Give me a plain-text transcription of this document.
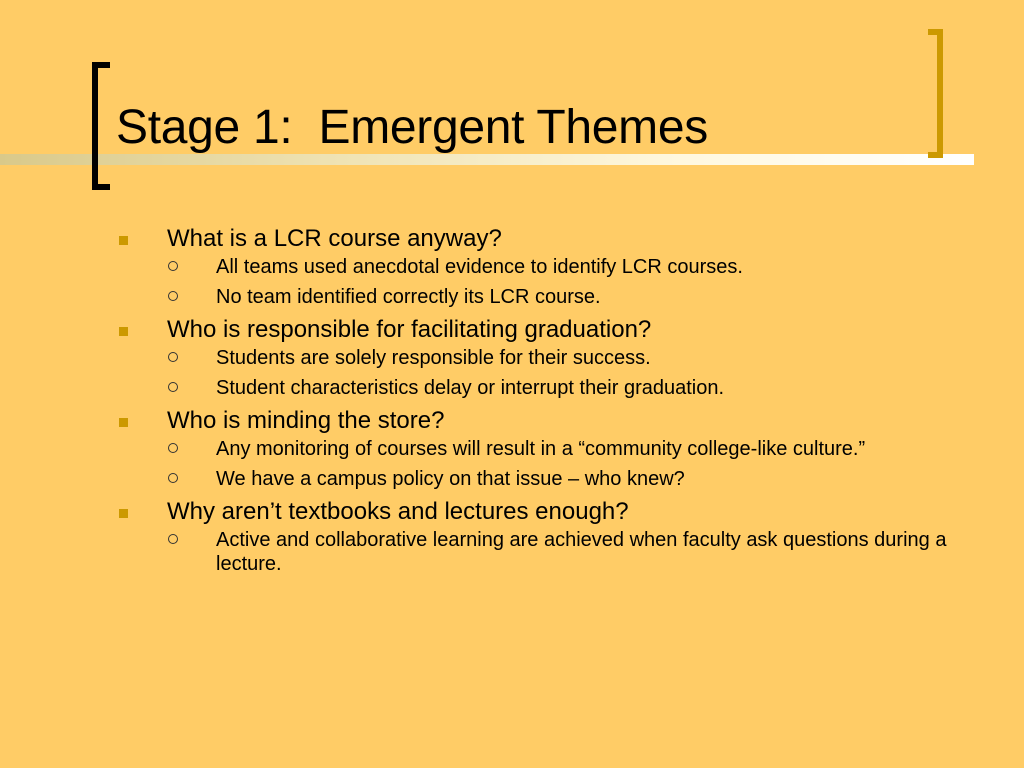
Stage 1:  Emergent Themes
What is a LCR course anyway?
All teams used anecdotal evidence to identify LCR courses.
No team identified correctly its LCR course.
Who is responsible for facilitating graduation?
Students are solely responsible for their success.
Student characteristics delay or interrupt their graduation.
Who is minding the store?
Any monitoring of courses will result in a “community college-like culture.”
We have a campus policy on that issue – who knew?
Why aren’t textbooks and lectures enough?
Active and collaborative learning are achieved when faculty ask questions during a lecture.
